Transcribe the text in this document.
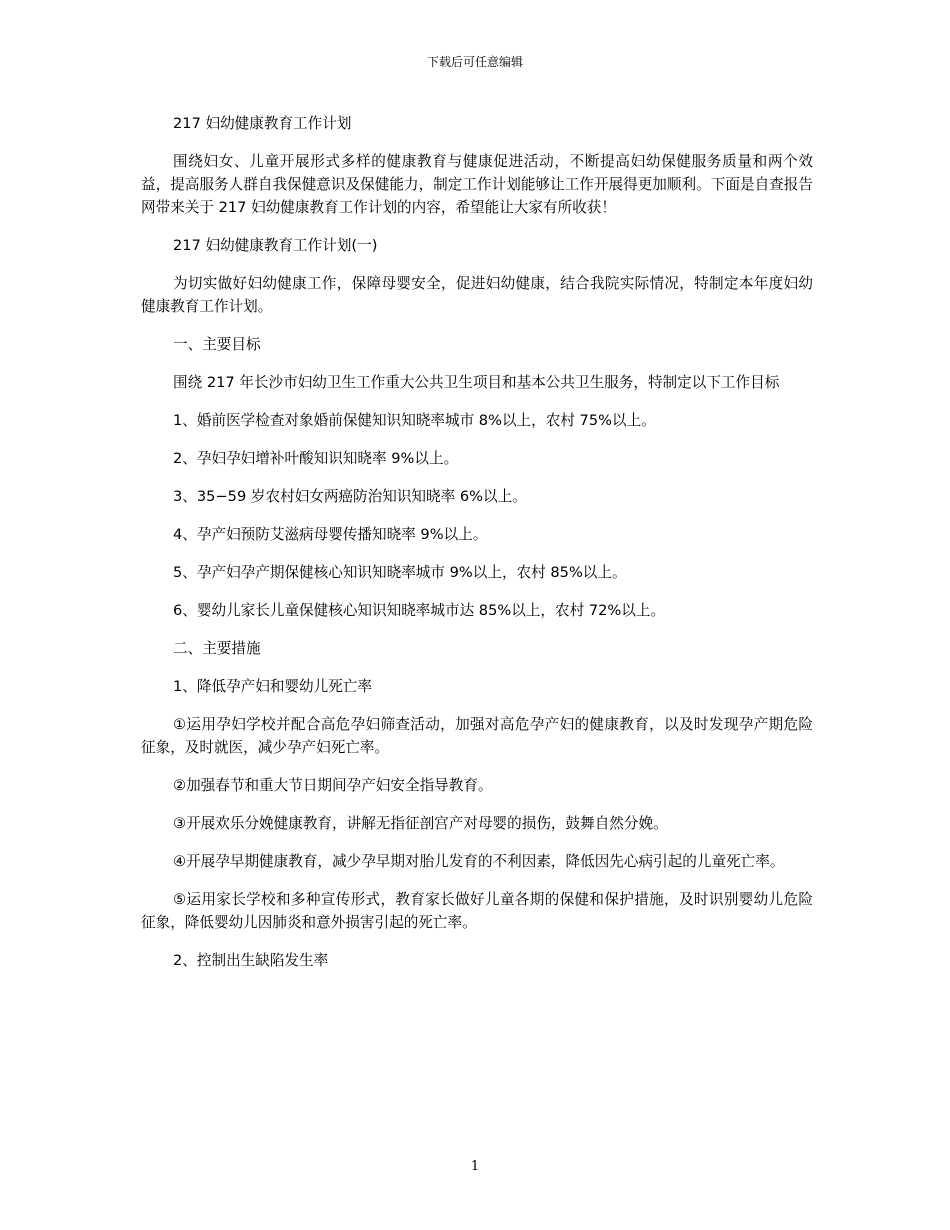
下载后可任意编辑

217 妇幼健康教育工作计划

围绕妇女、儿童开展形式多样的健康教育与健康促进活动，不断提高妇幼保健服务质量和两个效益，提高服务人群自我保健意识及保健能力，制定工作计划能够让工作开展得更加顺利。下面是自查报告网带来关于 217 妇幼健康教育工作计划的内容，希望能让大家有所收获！

217 妇幼健康教育工作计划(一)

为切实做好妇幼健康工作，保障母婴安全，促进妇幼健康，结合我院实际情况，特制定本年度妇幼健康教育工作计划。

一、主要目标

围绕 217 年长沙市妇幼卫生工作重大公共卫生项目和基本公共卫生服务，特制定以下工作目标

1、婚前医学检查对象婚前保健知识知晓率城市 8%以上，农村 75%以上。

2、孕妇孕妇增补叶酸知识知晓率 9%以上。

3、35−59 岁农村妇女两癌防治知识知晓率 6%以上。

4、孕产妇预防艾滋病母婴传播知晓率 9%以上。

5、孕产妇孕产期保健核心知识知晓率城市 9%以上，农村 85%以上。

6、婴幼儿家长儿童保健核心知识知晓率城市达 85%以上，农村 72%以上。

二、主要措施

1、降低孕产妇和婴幼儿死亡率

①运用孕妇学校并配合高危孕妇筛查活动，加强对高危孕产妇的健康教育，以及时发现孕产期危险征象，及时就医，减少孕产妇死亡率。

②加强春节和重大节日期间孕产妇安全指导教育。

③开展欢乐分娩健康教育，讲解无指征剖宫产对母婴的损伤，鼓舞自然分娩。

④开展孕早期健康教育，减少孕早期对胎儿发育的不利因素，降低因先心病引起的儿童死亡率。

⑤运用家长学校和多种宣传形式，教育家长做好儿童各期的保健和保护措施，及时识别婴幼儿危险征象，降低婴幼儿因肺炎和意外损害引起的死亡率。

2、控制出生缺陷发生率

1
